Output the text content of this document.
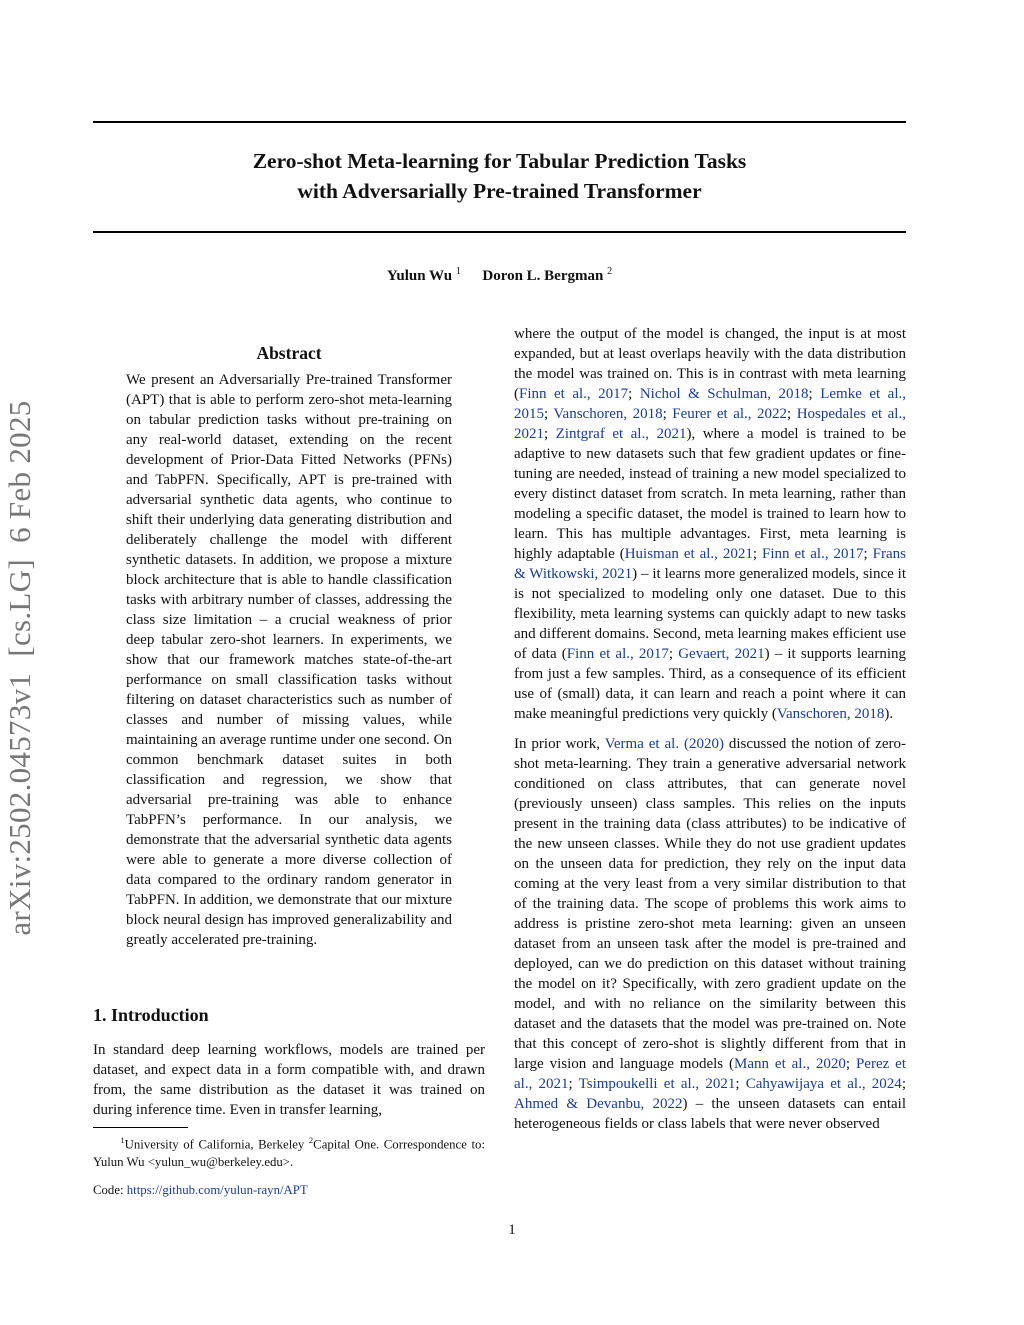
Zero-shot Meta-learning for Tabular Prediction Tasks
with Adversarially Pre-trained Transformer
Yulun Wu $^1$ Doron L. Bergman $^2$
arXiv:2502.04573v1  [cs.LG]  6 Feb 2025
Abstract
We present an Adversarially Pre-trained Transformer (APT) that is able to perform zero-shot meta-learning on tabular prediction tasks without pre-training on any real-world dataset, extending on the recent development of Prior-Data Fitted Networks (PFNs) and TabPFN. Specifically, APT is pre-trained with adversarial synthetic data agents, who continue to shift their underlying data generating distribution and deliberately challenge the model with different synthetic datasets. In addition, we propose a mixture block architecture that is able to handle classification tasks with arbitrary number of classes, addressing the class size limitation – a crucial weakness of prior deep tabular zero-shot learners. In experiments, we show that our framework matches state-of-the-art performance on small classification tasks without filtering on dataset characteristics such as number of classes and number of missing values, while maintaining an average runtime under one second. On common benchmark dataset suites in both classification and regression, we show that adversarial pre-training was able to enhance TabPFN’s performance. In our analysis, we demonstrate that the adversarial synthetic data agents were able to generate a more diverse collection of data compared to the ordinary random generator in TabPFN. In addition, we demonstrate that our mixture block neural design has improved generalizability and greatly accelerated pre-training.
1. Introduction
In standard deep learning workflows, models are trained per dataset, and expect data in a form compatible with, and drawn from, the same distribution as the dataset it was trained on during inference time. Even in transfer learning,
$^1$University of California, Berkeley $^2$Capital One. Correspondence to: Yulun Wu <yulun_wu@berkeley.edu>.
Code: https://github.com/yulun-rayn/APT

where the output of the model is changed, the input is at most expanded, but at least overlaps heavily with the data distribution the model was trained on. This is in contrast with meta learning (Finn et al., 2017; Nichol & Schulman, 2018; Lemke et al., 2015; Vanschoren, 2018; Feurer et al., 2022; Hospedales et al., 2021; Zintgraf et al., 2021), where a model is trained to be adaptive to new datasets such that few gradient updates or fine-tuning are needed, instead of training a new model specialized to every distinct dataset from scratch. In meta learning, rather than modeling a specific dataset, the model is trained to learn how to learn. This has multiple advantages. First, meta learning is highly adaptable (Huisman et al., 2021; Finn et al., 2017; Frans & Witkowski, 2021) – it learns more generalized models, since it is not specialized to modeling only one dataset. Due to this flexibility, meta learning systems can quickly adapt to new tasks and different domains. Second, meta learning makes efficient use of data (Finn et al., 2017; Gevaert, 2021) – it supports learning from just a few samples. Third, as a consequence of its efficient use of (small) data, it can learn and reach a point where it can make meaningful predictions very quickly (Vanschoren, 2018).

In prior work, Verma et al. (2020) discussed the notion of zero-shot meta-learning. They train a generative adversarial network conditioned on class attributes, that can generate novel (previously unseen) class samples. This relies on the inputs present in the training data (class attributes) to be indicative of the new unseen classes. While they do not use gradient updates on the unseen data for prediction, they rely on the input data coming at the very least from a very similar distribution to that of the training data. The scope of problems this work aims to address is pristine zero-shot meta learning: given an unseen dataset from an unseen task after the model is pre-trained and deployed, can we do prediction on this dataset without training the model on it? Specifically, with zero gradient update on the model, and with no reliance on the similarity between this dataset and the datasets that the model was pre-trained on. Note that this concept of zero-shot is slightly different from that in large vision and language models (Mann et al., 2020; Perez et al., 2021; Tsimpoukelli et al., 2021; Cahyawijaya et al., 2024; Ahmed & Devanbu, 2022) – the unseen datasets can entail heterogeneous fields or class labels that were never observed

1
